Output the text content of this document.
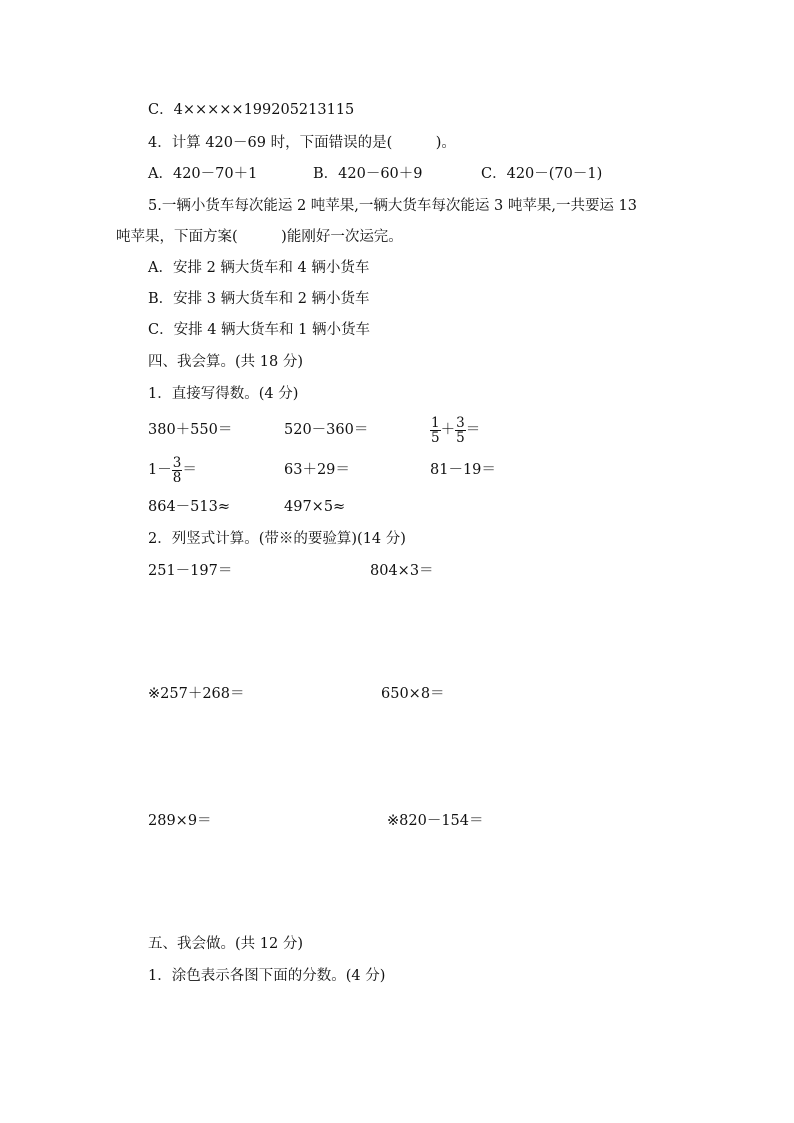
C．4×××××199205213115
4．计算 420－69 时，下面错误的是(　　　)。
A．420－70＋1	B．420－60＋9	C．420－(70－1)
5.一辆小货车每次能运 2 吨苹果,一辆大货车每次能运 3 吨苹果,一共要运 13
吨苹果，下面方案(　　　)能刚好一次运完。
A．安排 2 辆大货车和 4 辆小货车
B．安排 3 辆大货车和 2 辆小货车
C．安排 4 辆大货车和 1 辆小货车
四、我会算。(共 18 分)
1．直接写得数。(4 分)
380＋550＝	520－360＝	$\frac{1}{5} + \frac{3}{5}$ ＝
$1- \frac{3}{8}$ ＝	63＋29＝	81－19＝
864－513≈	497×5≈
2．列竖式计算。(带※的要验算)(14 分)
251－197＝	804×3＝
※257＋268＝	650×8＝
289×9＝	※820－154＝
五、我会做。(共 12 分)
1．涂色表示各图下面的分数。(4 分)
